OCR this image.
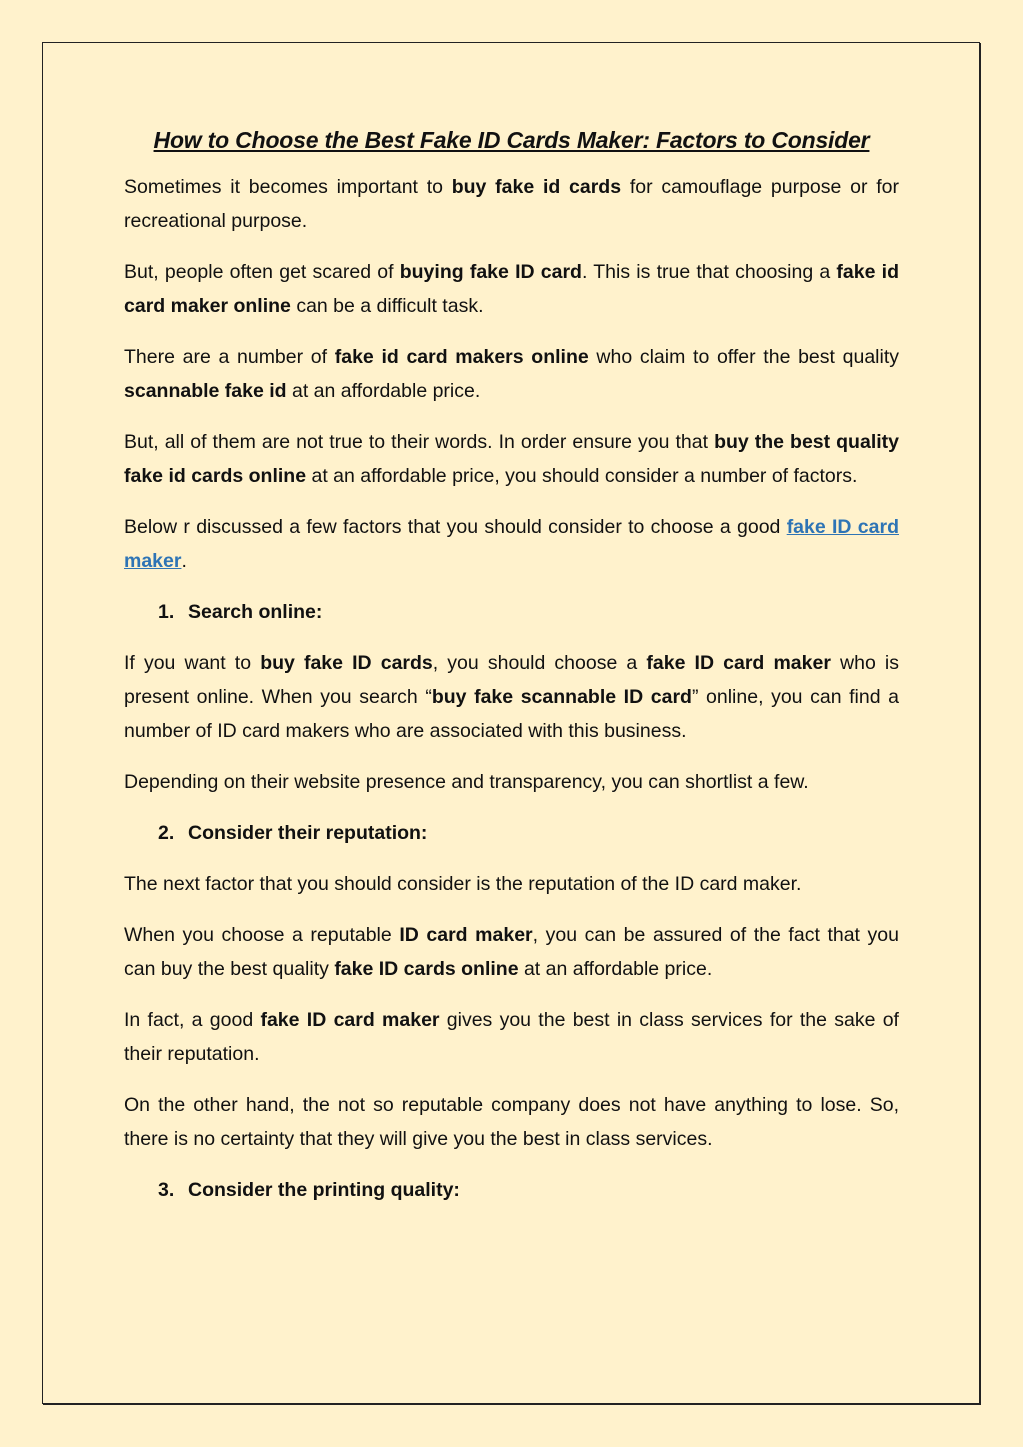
How to Choose the Best Fake ID Cards Maker: Factors to Consider

Sometimes it becomes important to buy fake id cards for camouflage purpose or for recreational purpose.

But, people often get scared of buying fake ID card. This is true that choosing a fake id card maker online can be a difficult task.

There are a number of fake id card makers online who claim to offer the best quality scannable fake id at an affordable price.

But, all of them are not true to their words. In order ensure you that buy the best quality fake id cards online at an affordable price, you should consider a number of factors.

Below r discussed a few factors that you should consider to choose a good fake ID card maker.

1. Search online:

If you want to buy fake ID cards, you should choose a fake ID card maker who is present online. When you search “buy fake scannable ID card” online, you can find a number of ID card makers who are associated with this business.

Depending on their website presence and transparency, you can shortlist a few.

2. Consider their reputation:

The next factor that you should consider is the reputation of the ID card maker.

When you choose a reputable ID card maker, you can be assured of the fact that you can buy the best quality fake ID cards online at an affordable price.

In fact, a good fake ID card maker gives you the best in class services for the sake of their reputation.

On the other hand, the not so reputable company does not have anything to lose. So, there is no certainty that they will give you the best in class services.

3. Consider the printing quality:
